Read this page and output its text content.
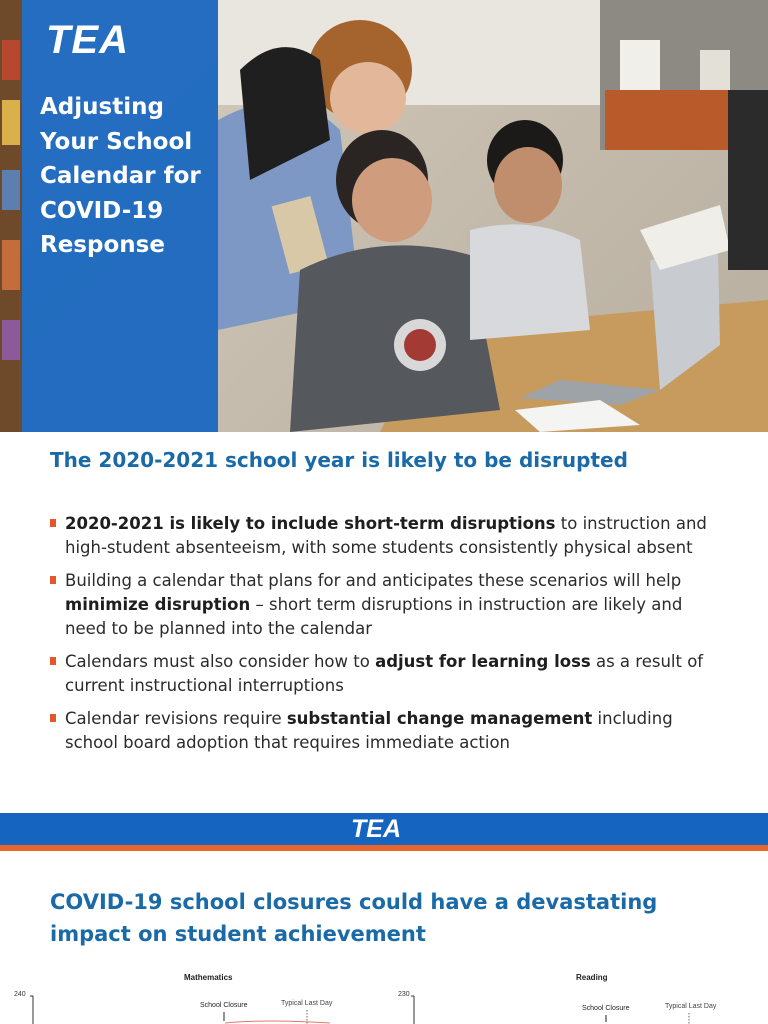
TEA
Adjusting
Your School
Calendar for
COVID-19
Response
The 2020-2021 school year is likely to be disrupted
2020-2021 is likely to include short-term disruptions to instruction and high-student absenteeism, with some students consistently physical absent
Building a calendar that plans for and anticipates these scenarios will help minimize disruption – short term disruptions in instruction are likely and need to be planned into the calendar
Calendars must also consider how to adjust for learning loss as a result of current instructional interruptions
Calendar revisions require substantial change management including school board adoption that requires immediate action
TEA
COVID-19 school closures could have a devastating impact on student achievement
Mathematics
240
School Closure	Typical Last Day
Reading
230
School Closure	Typical Last Day
